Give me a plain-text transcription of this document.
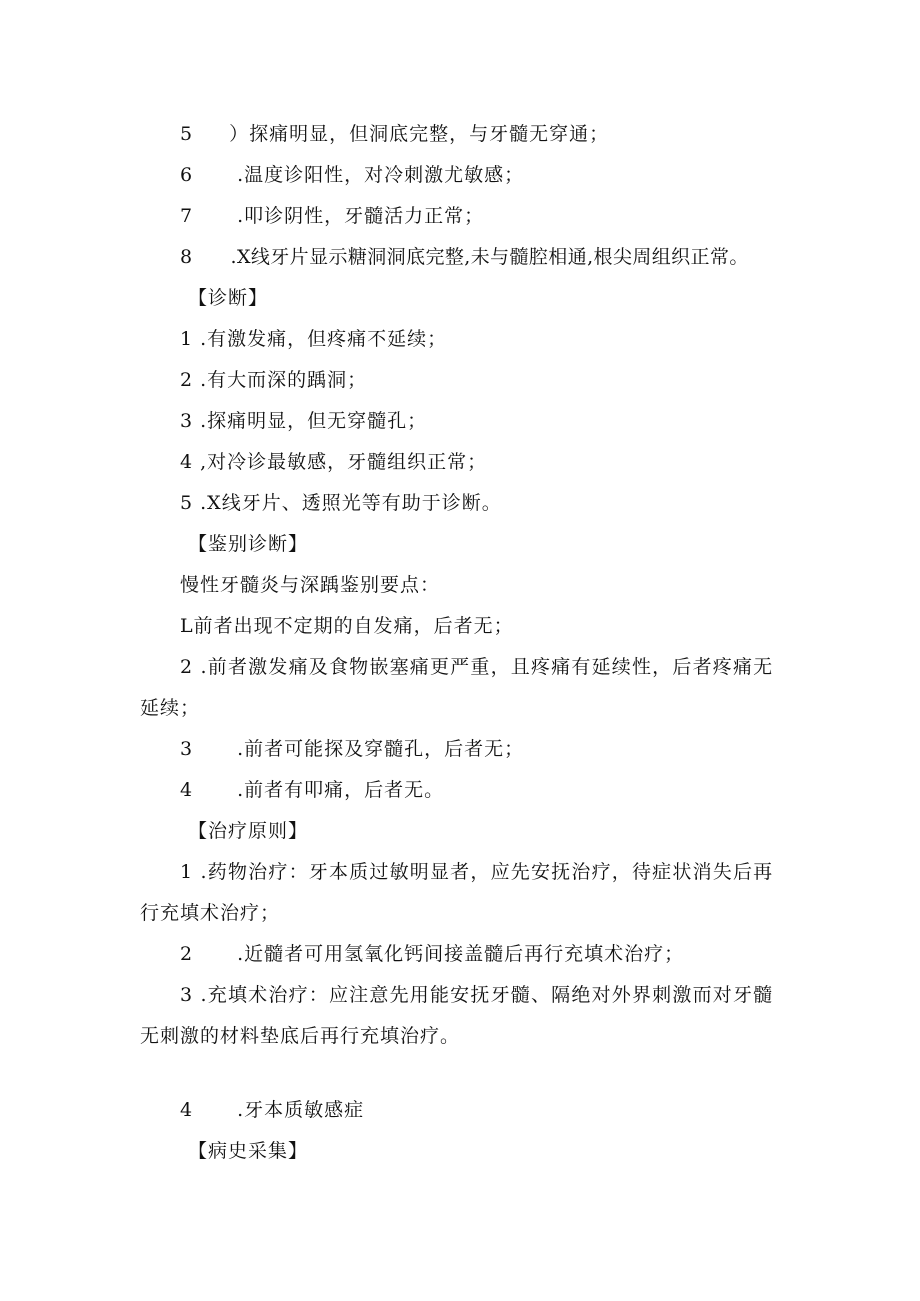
5 ）探痛明显，但洞底完整，与牙髓无穿通；
6 .温度诊阳性，对冷刺激尤敏感；
7 .叩诊阴性，牙髓活力正常；
8 .X线牙片显示糖洞洞底完整,未与髓腔相通,根尖周组织正常。
【诊断】
1 .有激发痛，但疼痛不延续；
2 .有大而深的踽洞；
3 .探痛明显，但无穿髓孔；
4 ,对冷诊最敏感，牙髓组织正常；
5 .X线牙片、透照光等有助于诊断。
【鉴别诊断】
慢性牙髓炎与深踽鉴别要点：
L前者出现不定期的自发痛，后者无；
2 .前者激发痛及食物嵌塞痛更严重，且疼痛有延续性，后者疼痛无
延续；
3 .前者可能探及穿髓孔，后者无；
4 .前者有叩痛，后者无。
【治疗原则】
1 .药物治疗：牙本质过敏明显者，应先安抚治疗，待症状消失后再
行充填术治疗；
2 .近髓者可用氢氧化钙间接盖髓后再行充填术治疗；
3 .充填术治疗：应注意先用能安抚牙髓、隔绝对外界刺激而对牙髓
无刺激的材料垫底后再行充填治疗。
4 .牙本质敏感症
【病史采集】
